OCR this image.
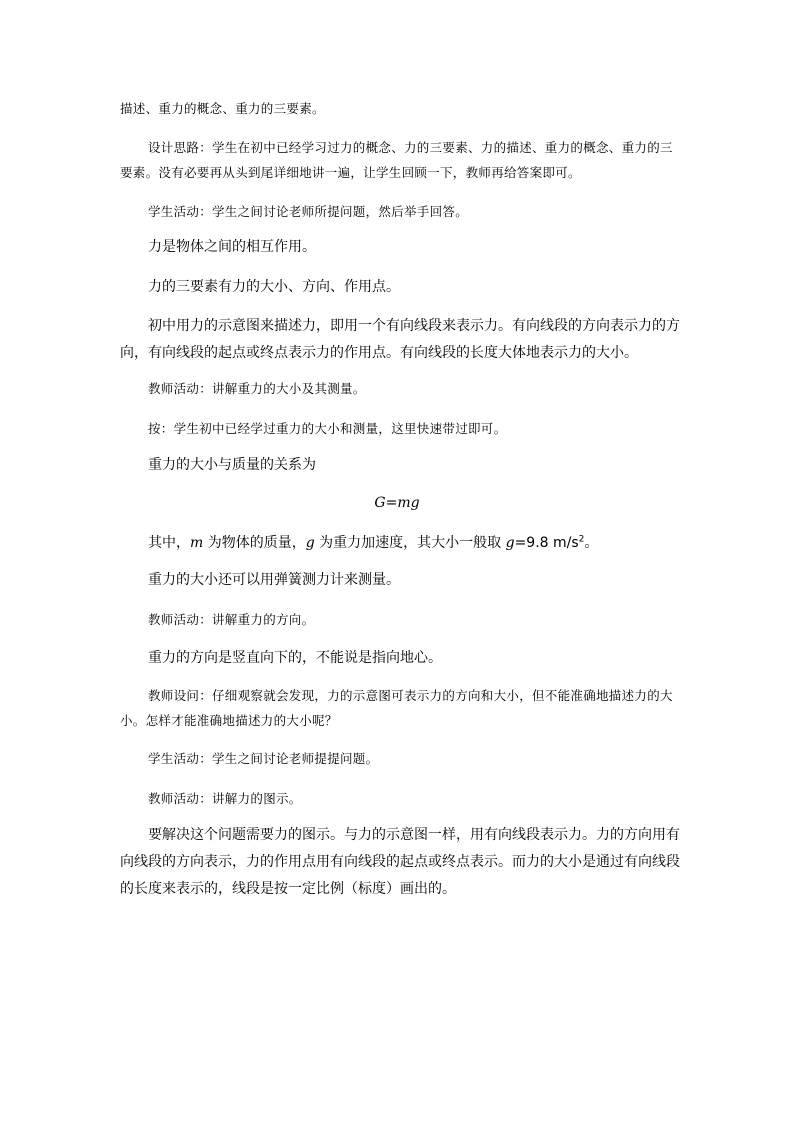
描述、重力的概念、重力的三要素。

设计思路：学生在初中已经学习过力的概念、力的三要素、力的描述、重力的概念、重力的三要素。没有必要再从头到尾详细地讲一遍，让学生回顾一下，教师再给答案即可。

学生活动：学生之间讨论老师所提问题，然后举手回答。

力是物体之间的相互作用。

力的三要素有力的大小、方向、作用点。

初中用力的示意图来描述力，即用一个有向线段来表示力。有向线段的方向表示力的方向，有向线段的起点或终点表示力的作用点。有向线段的长度大体地表示力的大小。

教师活动：讲解重力的大小及其测量。

按：学生初中已经学过重力的大小和测量，这里快速带过即可。

重力的大小与质量的关系为

G=mg

其中，m 为物体的质量，g 为重力加速度，其大小一般取 g=9.8 $m/s^2$。

重力的大小还可以用弹簧测力计来测量。

教师活动：讲解重力的方向。

重力的方向是竖直向下的，不能说是指向地心。

教师设问：仔细观察就会发现，力的示意图可表示力的方向和大小，但不能准确地描述力的大小。怎样才能准确地描述力的大小呢？

学生活动：学生之间讨论老师提提问题。

教师活动：讲解力的图示。

要解决这个问题需要力的图示。与力的示意图一样，用有向线段表示力。力的方向用有向线段的方向表示，力的作用点用有向线段的起点或终点表示。而力的大小是通过有向线段的长度来表示的，线段是按一定比例（标度）画出的。
